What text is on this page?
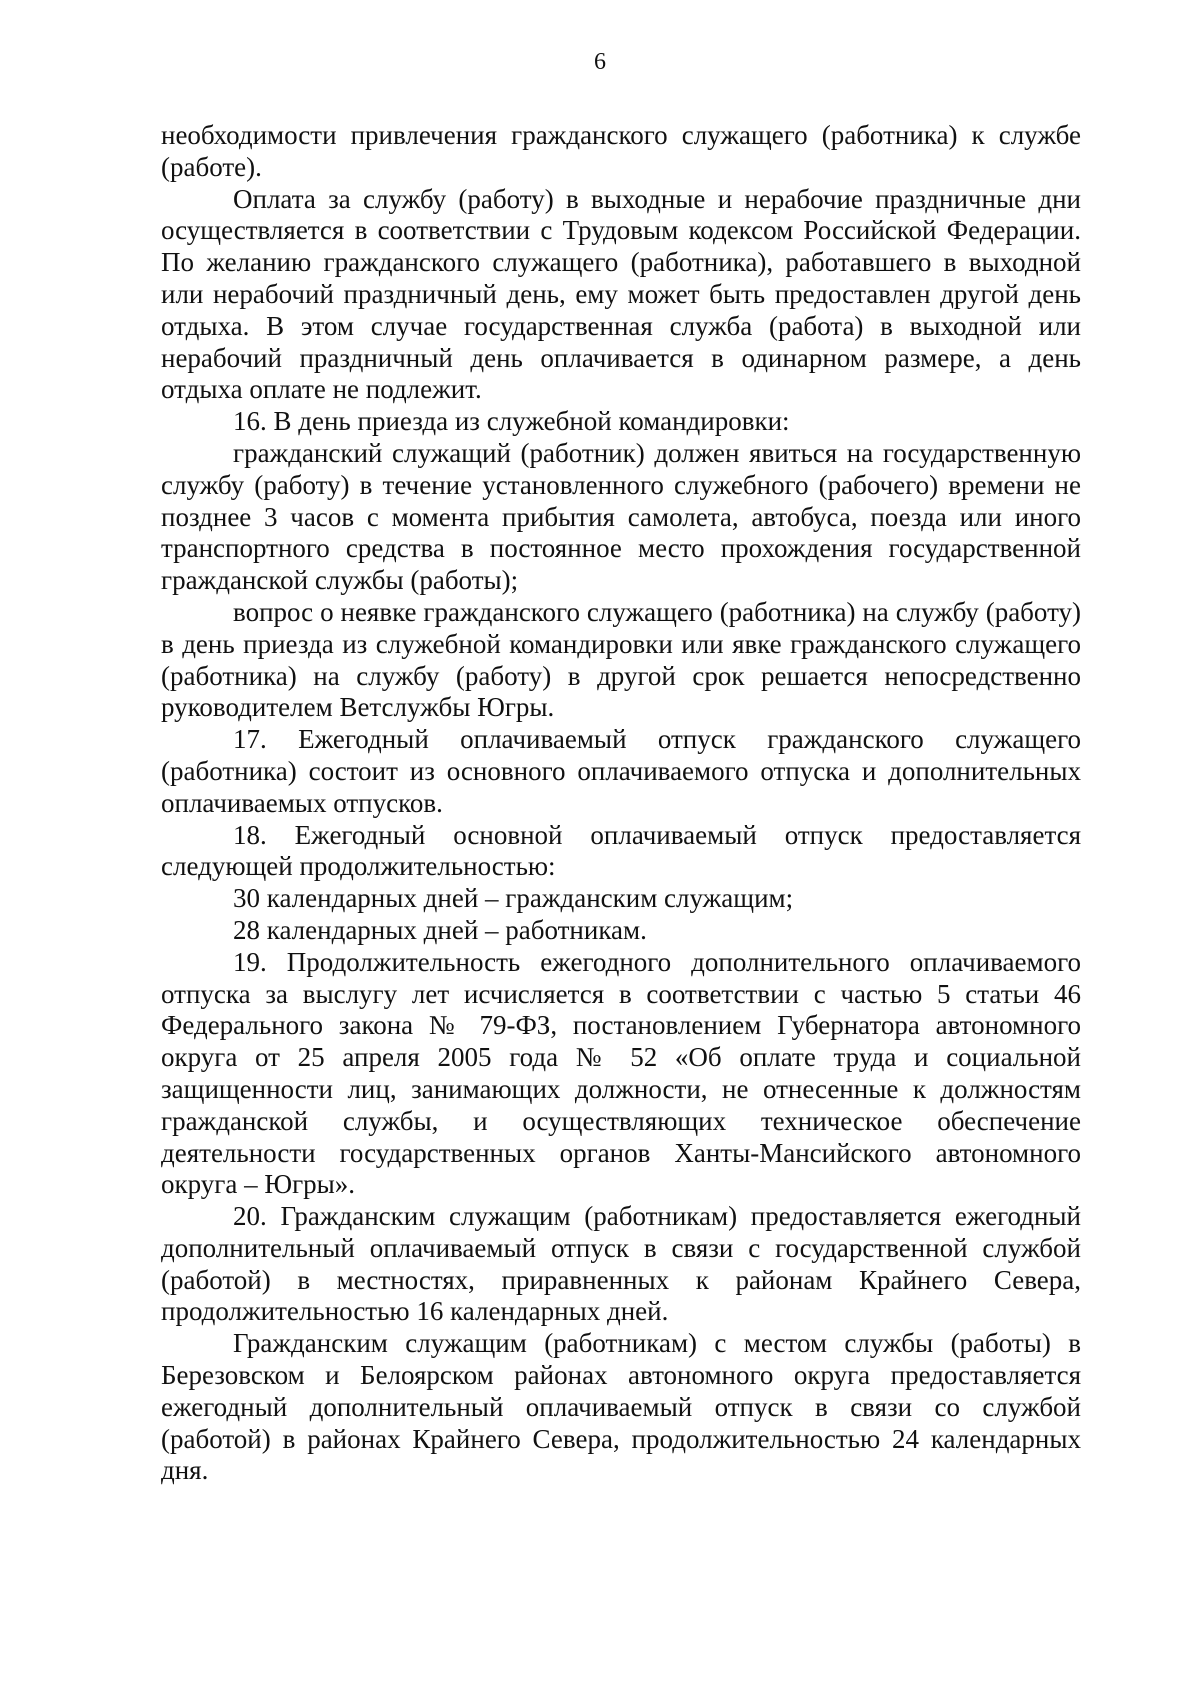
6

необходимости привлечения гражданского служащего (работника) к службе (работе).

Оплата за службу (работу) в выходные и нерабочие праздничные дни осуществляется в соответствии с Трудовым кодексом Российской Федерации. По желанию гражданского служащего (работника), работавшего в выходной или нерабочий праздничный день, ему может быть предоставлен другой день отдыха. В этом случае государственная служба (работа) в выходной или нерабочий праздничный день оплачивается в одинарном размере, а день отдыха оплате не подлежит.

16. В день приезда из служебной командировки:

гражданский служащий (работник) должен явиться на государственную службу (работу) в течение установленного служебного (рабочего) времени не позднее 3 часов с момента прибытия самолета, автобуса, поезда или иного транспортного средства в постоянное место прохождения государственной гражданской службы (работы);

вопрос о неявке гражданского служащего (работника) на службу (работу) в день приезда из служебной командировки или явке гражданского служащего (работника) на службу (работу) в другой срок решается непосредственно руководителем Ветслужбы Югры.

17. Ежегодный оплачиваемый отпуск гражданского служащего (работника) состоит из основного оплачиваемого отпуска и дополнительных оплачиваемых отпусков.

18. Ежегодный основной оплачиваемый отпуск предоставляется следующей продолжительностью:

30 календарных дней – гражданским служащим;

28 календарных дней – работникам.

19. Продолжительность ежегодного дополнительного оплачиваемого отпуска за выслугу лет исчисляется в соответствии с частью 5 статьи 46 Федерального закона № 79-ФЗ, постановлением Губернатора автономного округа от 25 апреля 2005 года № 52 «Об оплате труда и социальной защищенности лиц, занимающих должности, не отнесенные к должностям гражданской службы, и осуществляющих техническое обеспечение деятельности государственных органов Ханты-Мансийского автономного округа – Югры».

20. Гражданским служащим (работникам) предоставляется ежегодный дополнительный оплачиваемый отпуск в связи с государственной службой (работой) в местностях, приравненных к районам Крайнего Севера, продолжительностью 16 календарных дней.

Гражданским служащим (работникам) с местом службы (работы) в Березовском и Белоярском районах автономного округа предоставляется ежегодный дополнительный оплачиваемый отпуск в связи со службой (работой) в районах Крайнего Севера, продолжительностью 24 календарных дня.
